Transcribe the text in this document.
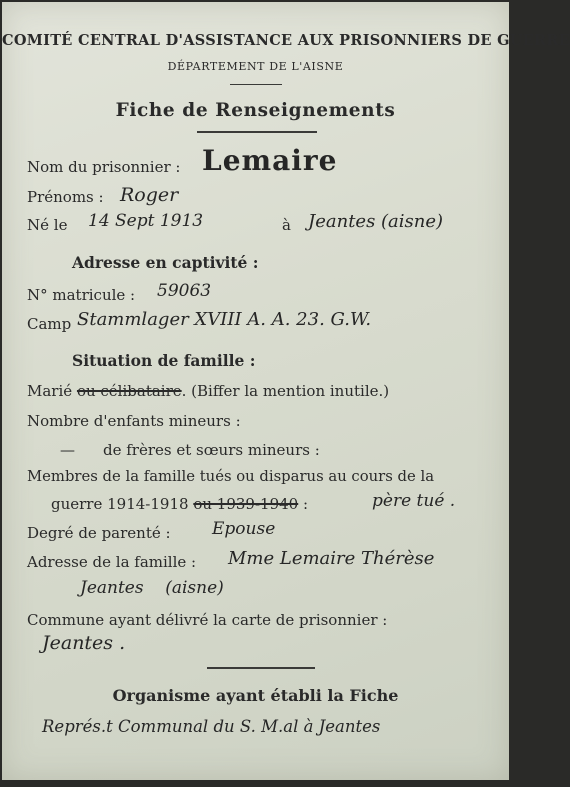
COMITÉ CENTRAL D'ASSISTANCE AUX PRISONNIERS DE GUERRE
DÉPARTEMENT DE L'AISNE
Fiche de Renseignements
Nom du prisonnier : Lemaire
Prénoms : Roger
Né le 14 Sept 1913	à Jeantes (aisne)
Adresse en captivité :
N° matricule : 59063
Camp Stammlager XVIII A. A. 23. G.W.
Situation de famille :
Marié ou célibataire. (Biffer la mention inutile.)
Nombre d'enfants mineurs :
— de frères et sœurs mineurs :
Membres de la famille tués ou disparus au cours de la
guerre 1914-1918 ou 1939-1940 :	père tué .
Degré de parenté : Epouse
Adresse de la famille : Mme Lemaire Thérèse
Jeantes    (aisne)
Commune ayant délivré la carte de prisonnier :
Jeantes .
Organisme ayant établi la Fiche
Représ.t Communal du S. M.al à Jeantes
